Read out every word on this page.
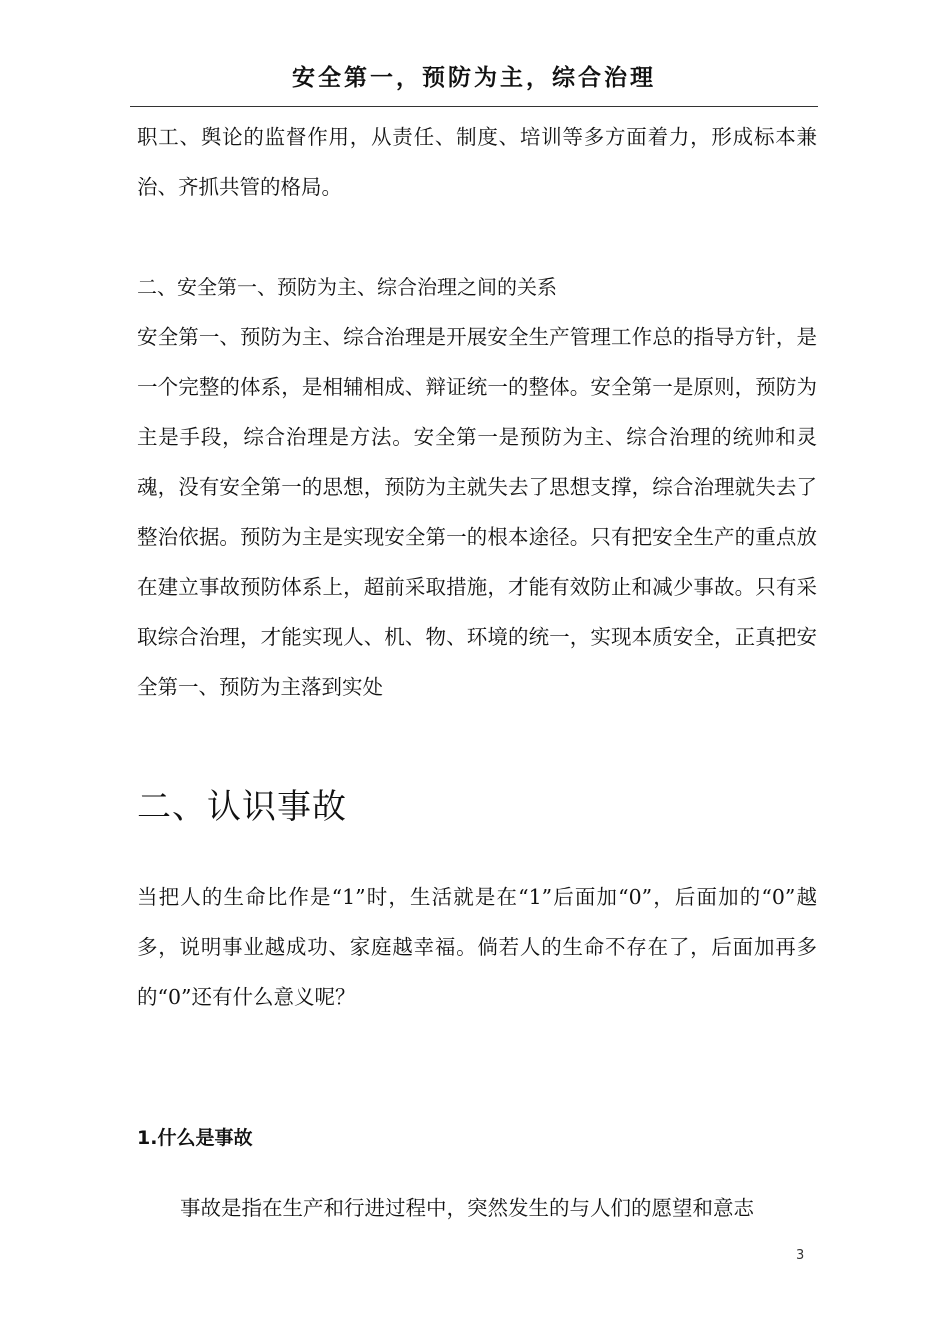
安全第一，预防为主，综合治理

职工、舆论的监督作用，从责任、制度、培训等多方面着力，形成标本兼治、齐抓共管的格局。

二、安全第一、预防为主、综合治理之间的关系

安全第一、预防为主、综合治理是开展安全生产管理工作总的指导方针，是一个完整的体系，是相辅相成、辩证统一的整体。安全第一是原则，预防为主是手段，综合治理是方法。安全第一是预防为主、综合治理的统帅和灵魂，没有安全第一的思想，预防为主就失去了思想支撑，综合治理就失去了整治依据。预防为主是实现安全第一的根本途径。只有把安全生产的重点放在建立事故预防体系上，超前采取措施，才能有效防止和减少事故。只有采取综合治理，才能实现人、机、物、环境的统一，实现本质安全，正真把安全第一、预防为主落到实处

二、认识事故

当把人的生命比作是“1”时，生活就是在“1”后面加“0”，后面加的“0”越多，说明事业越成功、家庭越幸福。倘若人的生命不存在了，后面加再多的“0”还有什么意义呢？

1.什么是事故

事故是指在生产和行进过程中，突然发生的与人们的愿望和意志

3
